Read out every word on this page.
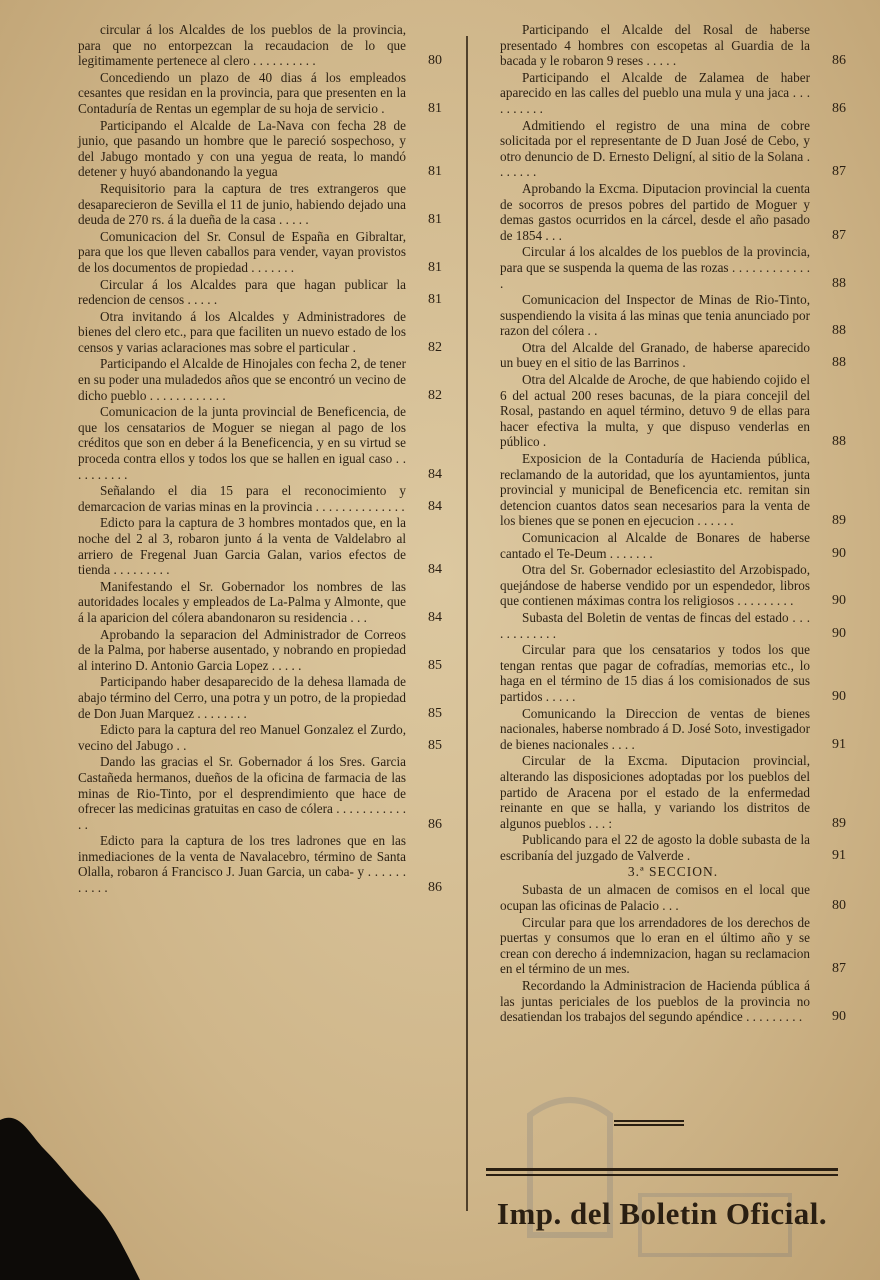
circular á los Alcaldes de los pueblos de la provincia, para que no entorpezcan la recaudacion de lo que legitimamente pertenece al clero . . . . . . . . . .	80
Concediendo un plazo de 40 dias á los empleados cesantes que residan en la provincia, para que presenten en la Contaduría de Rentas un egemplar de su hoja de servicio .	81
Participando el Alcalde de La-Nava con fecha 28 de junio, que pasando un hombre que le pareció sospechoso, y del Jabugo montado y con una yegua de reata, lo mandó detener y huyó abandonando la yegua	81
Requisitorio para la captura de tres extrangeros que desaparecieron de Sevilla el 11 de junio, habiendo dejado una deuda de 270 rs. á la dueña de la casa . . . . .	81
Comunicacion del Sr. Consul de España en Gibraltar, para que los que lleven caballos para vender, vayan provistos de los documentos de propiedad . . . . . . .	81
Circular á los Alcaldes para que hagan publicar la redencion de censos . . . . .	81
Otra invitando á los Alcaldes y Administradores de bienes del clero etc., para que faciliten un nuevo estado de los censos y varias aclaraciones mas sobre el particular .	82
Participando el Alcalde de Hinojales con fecha 2, de tener en su poder una muladedos años que se encontró un vecino de dicho pueblo . . . . . . . . . . . .	82
Comunicacion de la junta provincial de Beneficencia, de que los censatarios de Moguer se niegan al pago de los créditos que son en deber á la Beneficencia, y en su virtud se proceda contra ellos y todos los que se hallen en igual caso . . . . . . . . . .	84
Señalando el dia 15 para el reconocimiento y demarcacion de varias minas en la provincia . . . . . . . . . . . . . .	84
Edicto para la captura de 3 hombres montados que, en la noche del 2 al 3, robaron junto á la venta de Valdelabro al arriero de Fregenal Juan Garcia Galan, varios efectos de tienda . . . . . . . . .	84
Manifestando el Sr. Gobernador los nombres de las autoridades locales y empleados de La-Palma y Almonte, que á la aparicion del cólera abandonaron su residencia . . .	84
Aprobando la separacion del Administrador de Correos de la Palma, por haberse ausentado, y nobrando en propiedad al interino D. Antonio Garcia Lopez . . . . .	85
Participando haber desaparecido de la dehesa llamada de abajo término del Cerro, una potra y un potro, de la propiedad de Don Juan Marquez . . . . . . . .	85
Edicto para la captura del reo Manuel Gonzalez el Zurdo, vecino del Jabugo . .	85
Dando las gracias el Sr. Gobernador á los Sres. Garcia Castañeda hermanos, dueños de la oficina de farmacia de las minas de Rio-Tinto, por el desprendimiento que hace de ofrecer las medicinas gratuitas en caso de cólera . . . . . . . . . . . . .	86
Edicto para la captura de los tres ladrones que en las inmediaciones de la venta de Navalacebro, término de Santa Olalla, robaron á Francisco J. Juan Garcia, un caba- y . . . . . . . . . . .	86
Participando el Alcalde del Rosal de haberse presentado 4 hombres con escopetas al Guardia de la bacada y le robaron 9 reses . . . . .	86
Participando el Alcalde de Zalamea de haber aparecido en las calles del pueblo una mula y una jaca . . . . . . . . . .	86
Admitiendo el registro de una mina de cobre solicitada por el representante de D Juan José de Cebo, y otro denuncio de D. Ernesto Deligní, al sitio de la Solana . . . . . . .	87
Aprobando la Excma. Diputacion provincial la cuenta de socorros de presos pobres del partido de Moguer y demas gastos ocurridos en la cárcel, desde el año pasado de 1854 . . .	87
Circular á los alcaldes de los pueblos de la provincia, para que se suspenda la quema de las rozas . . . . . . . . . . . . .	88
Comunicacion del Inspector de Minas de Rio-Tinto, suspendiendo la visita á las minas que tenia anunciado por razon del cólera . .	88
Otra del Alcalde del Granado, de haberse aparecido un buey en el sitio de las Barrinos .	88
Otra del Alcalde de Aroche, de que habiendo cojido el 6 del actual 200 reses bacunas, de la piara concejil del Rosal, pastando en aquel término, detuvo 9 de ellas para hacer efectiva la multa, y que dispuso venderlas en público .	88
Exposicion de la Contaduría de Hacienda pública, reclamando de la autoridad, que los ayuntamientos, junta provincial y municipal de Beneficencia etc. remitan sin detencion cuantos datos sean necesarios para la venta de los bienes que se ponen en ejecucion . . . . . .	89
Comunicacion al Alcalde de Bonares de haberse cantado el Te-Deum . . . . . . .	90
Otra del Sr. Gobernador eclesiastito del Arzobispado, quejándose de haberse vendido por un espendedor, libros que contienen máximas contra los religiosos . . . . . . . . .	90
Subasta del Boletin de ventas de fincas del estado . . . . . . . . . . . .	90
Circular para que los censatarios y todos los que tengan rentas que pagar de cofradías, memorias etc., lo haga en el término de 15 dias á los comisionados de sus partidos . . . . .	90
Comunicando la Direccion de ventas de bienes nacionales, haberse nombrado á D. José Soto, investigador de bienes nacionales . . . .	91
Circular de la Excma. Diputacion provincial, alterando las disposiciones adoptadas por los pueblos del partido de Aracena por el estado de la enfermedad reinante en que se halla, y variando los distritos de algunos pueblos . . . :	89
Publicando para el 22 de agosto la doble subasta de la escribanía del juzgado de Valverde .	91
3.ª SECCION.
Subasta de un almacen de comisos en el local que ocupan las oficinas de Palacio . . .	80
Circular para que los arrendadores de los derechos de puertas y consumos que lo eran en el último año y se crean con derecho á indemnizacion, hagan su reclamacion en el término de un mes.	87
Recordando la Administracion de Hacienda pública á las juntas periciales de los pueblos de la provincia no desatiendan los trabajos del segundo apéndice . . . . . . . . .	90
Imp. del Boletin Oficial.
